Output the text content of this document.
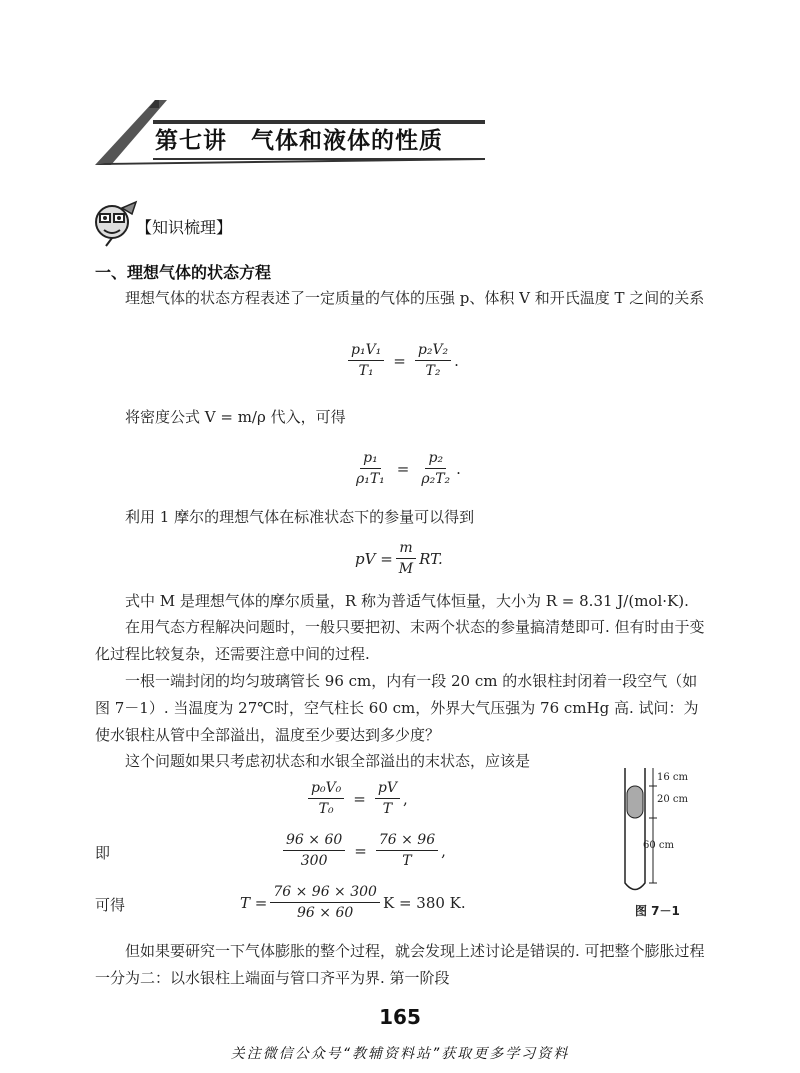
第七讲　气体和液体的性质
【知识梳理】
一、理想气体的状态方程
理想气体的状态方程表述了一定质量的气体的压强 p、体积 V 和开氏温度 T 之间的关系
$\frac{\text{p₁V₁}}{\text{T₁}} = \frac{\text{p₂V₂}}{\text{T₂}}$ .
将密度公式 V = m/ρ 代入，可得
$\frac{\text{p₁}}{\text{ρ₁T₁}} = \frac{\text{p₂}}{\text{ρ₂T₂}}$ .
利用 1 摩尔的理想气体在标准状态下的参量可以得到
pV = $\frac{m}{M}$ RT.
式中 M 是理想气体的摩尔质量，R 称为普适气体恒量，大小为 R = 8.31 J/(mol·K).
在用气态方程解决问题时，一般只要把初、末两个状态的参量搞清楚即可. 但有时由于变化过程比较复杂，还需要注意中间的过程.
一根一端封闭的均匀玻璃管长 96 cm，内有一段 20 cm 的水银柱封闭着一段空气（如图 7－1）. 当温度为 27℃时，空气柱长 60 cm，外界大气压强为 76 cmHg 高. 试问：为使水银柱从管中全部溢出，温度至少要达到多少度？
这个问题如果只考虑初状态和水银全部溢出的末状态，应该是
$\frac{\text{p₀V₀}}{\text{T₀}} = \frac{pV}{T}$ ,
即	$\frac{96 \times 60}{300} = \frac{76 \times 96}{T}$ ,
可得	$T = \frac{76 \times 96 \times 300}{96 \times 60}$ K = 380 K.
16 cm
20 cm
60 cm
图 7－1
但如果要研究一下气体膨胀的整个过程，就会发现上述讨论是错误的. 可把整个膨胀过程一分为二：以水银柱上端面与管口齐平为界. 第一阶段
165
关注微信公众号“教辅资料站”获取更多学习资料
